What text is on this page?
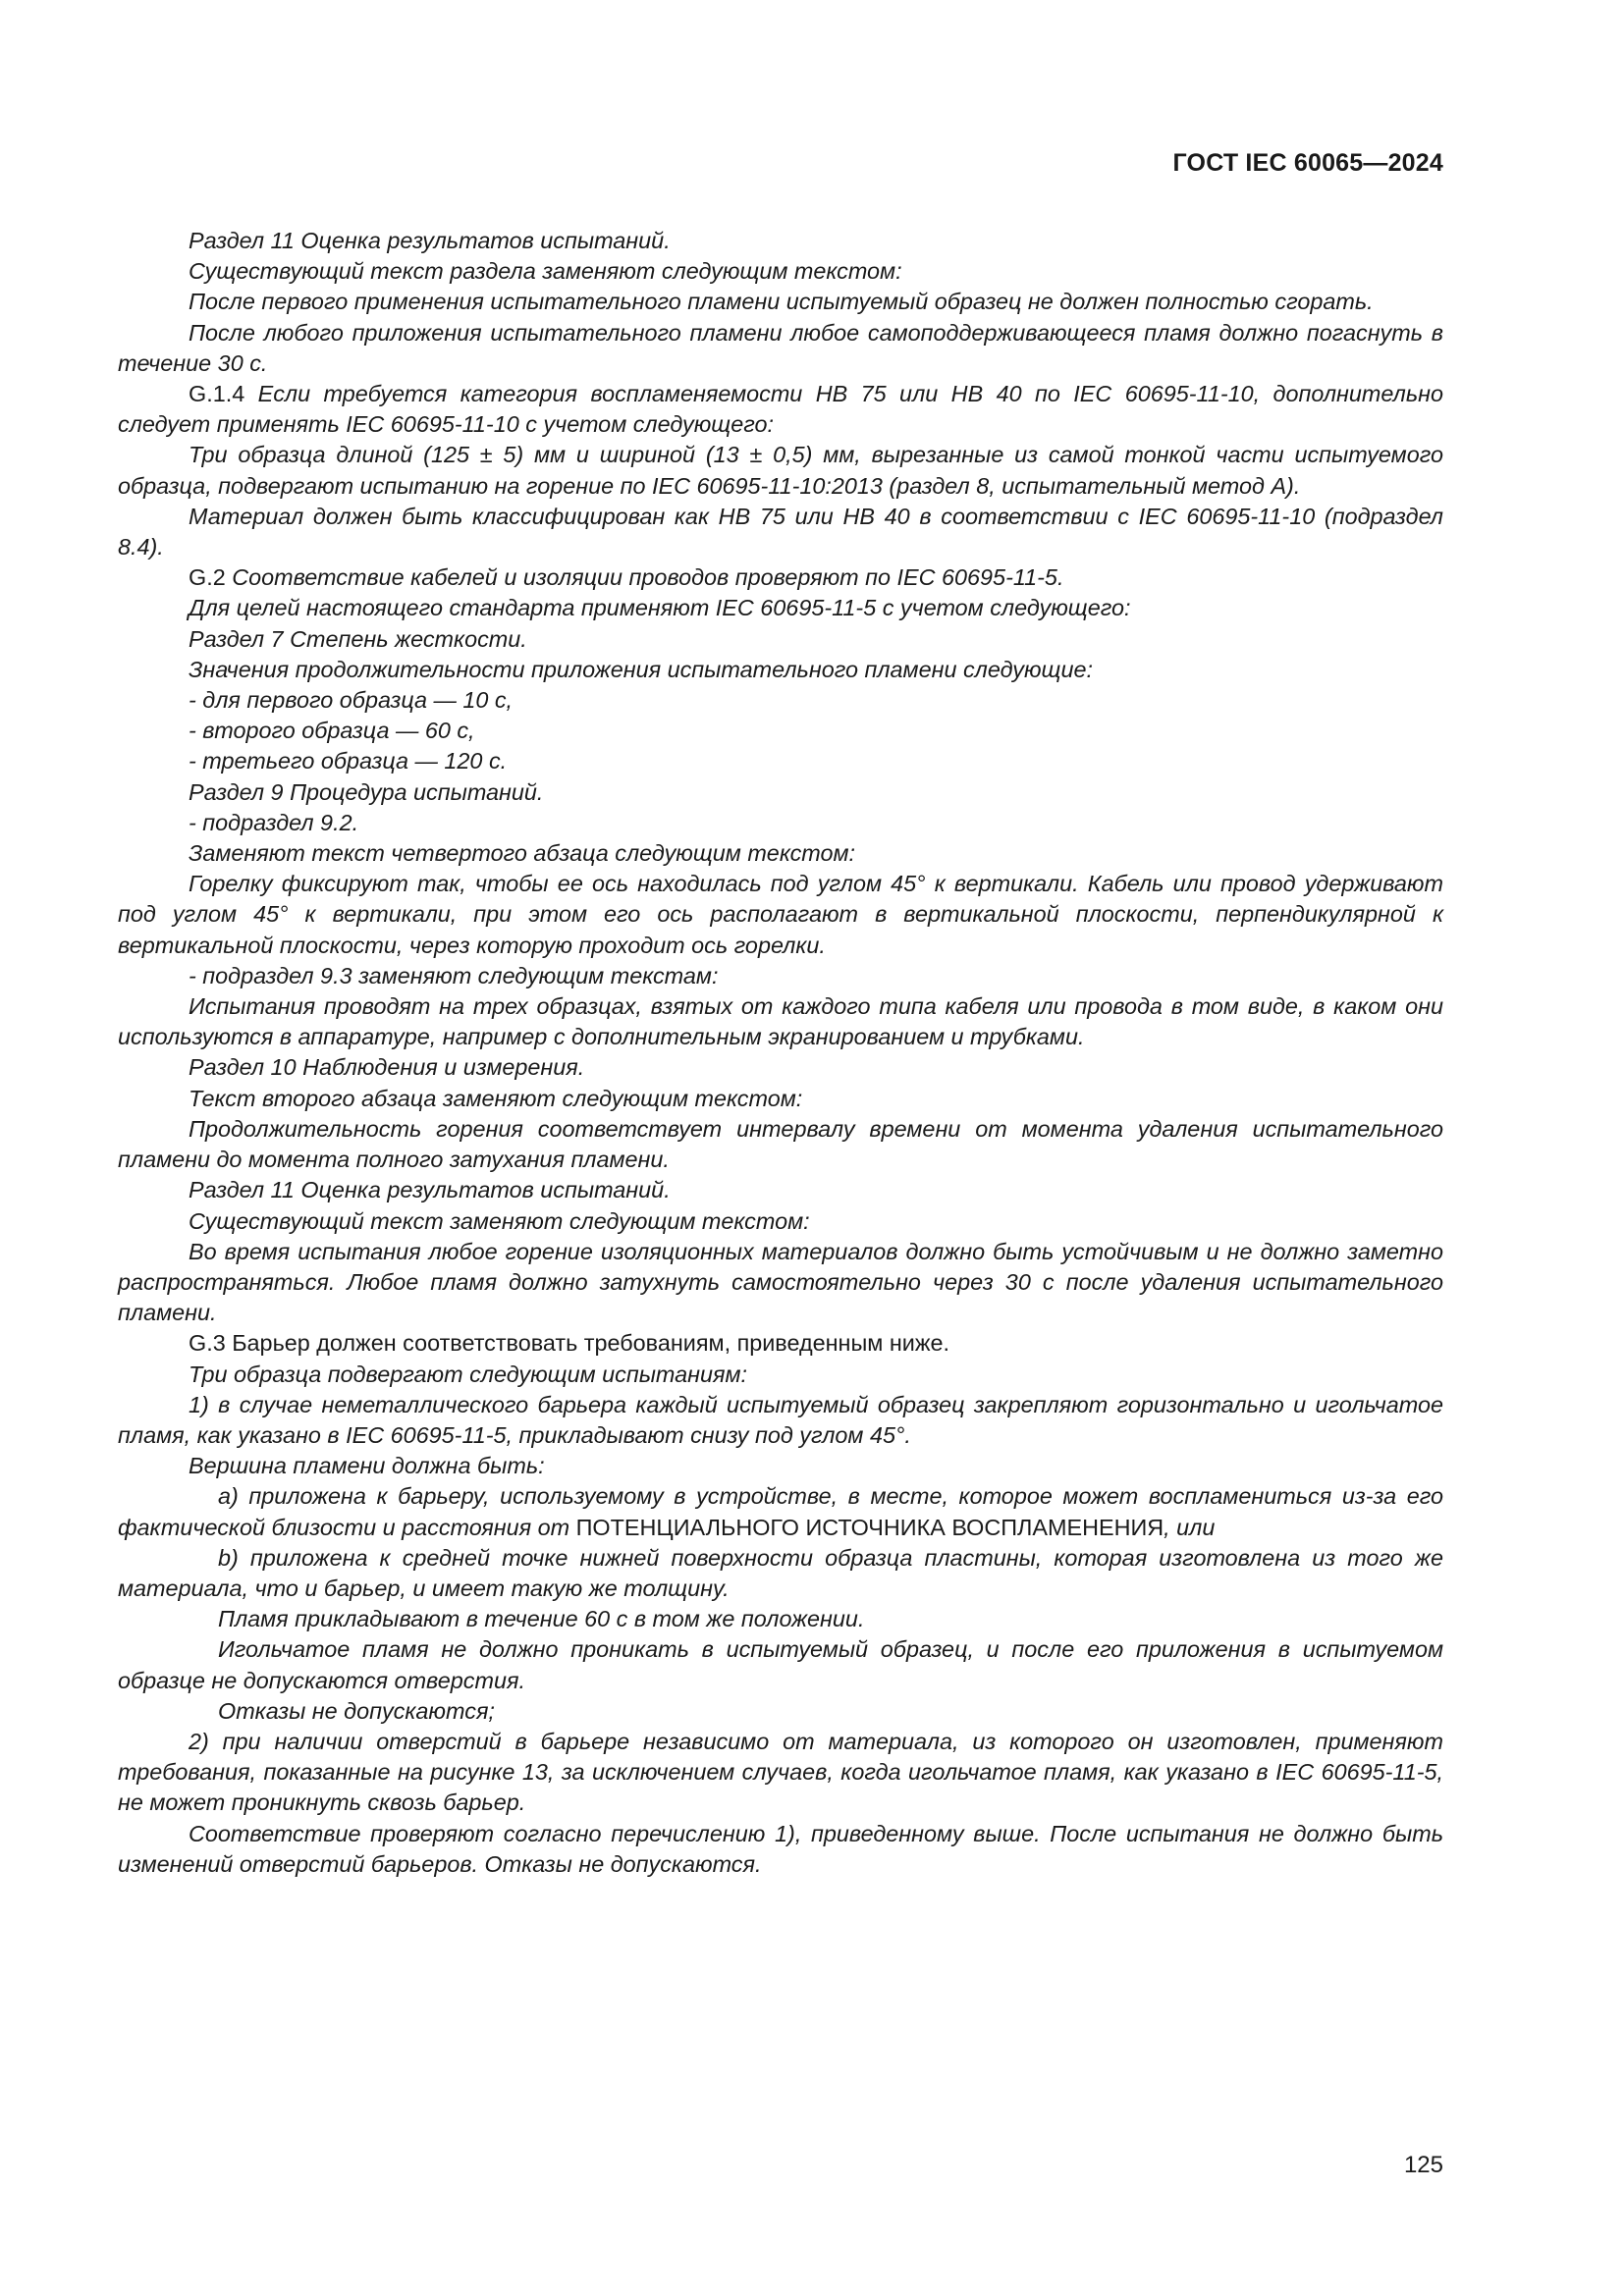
ГОСТ IEC 60065—2024

Раздел 11 Оценка результатов испытаний.

Существующий текст раздела заменяют следующим текстом:

После первого применения испытательного пламени испытуемый образец не должен полностью сгорать.

После любого приложения испытательного пламени любое самоподдерживающееся пламя должно погаснуть в течение 30 с.

G.1.4 Если требуется категория воспламеняемости НВ 75 или НВ 40 по IEC 60695-11-10, дополнительно следует применять IEC 60695-11-10 с учетом следующего:

Три образца длиной (125 ± 5) мм и шириной (13 ± 0,5) мм, вырезанные из самой тонкой части испытуемого образца, подвергают испытанию на горение по IEC 60695-11-10:2013 (раздел 8, испытательный метод А).

Материал должен быть классифицирован как НВ 75 или НВ 40 в соответствии с IEC 60695-11-10 (подраздел 8.4).

G.2 Соответствие кабелей и изоляции проводов проверяют по IEC 60695-11-5.

Для целей настоящего стандарта применяют IEC 60695-11-5 с учетом следующего:

Раздел 7 Степень жесткости.

Значения продолжительности приложения испытательного пламени следующие:

- для первого образца — 10 с,

- второго образца — 60 с,

- третьего образца — 120 с.

Раздел 9 Процедура испытаний.

- подраздел 9.2.

Заменяют текст четвертого абзаца следующим текстом:

Горелку фиксируют так, чтобы ее ось находилась под углом 45° к вертикали. Кабель или провод удерживают под углом 45° к вертикали, при этом его ось располагают в вертикальной плоскости, перпендикулярной к вертикальной плоскости, через которую проходит ось горелки.

- подраздел 9.3 заменяют следующим текстам:

Испытания проводят на трех образцах, взятых от каждого типа кабеля или провода в том виде, в каком они используются в аппаратуре, например с дополнительным экранированием и трубками.

Раздел 10 Наблюдения и измерения.

Текст второго абзаца заменяют следующим текстом:

Продолжительность горения соответствует интервалу времени от момента удаления испытательного пламени до момента полного затухания пламени.

Раздел 11 Оценка результатов испытаний.

Существующий текст заменяют следующим текстом:

Во время испытания любое горение изоляционных материалов должно быть устойчивым и не должно заметно распространяться. Любое пламя должно затухнуть самостоятельно через 30 с после удаления испытательного пламени.

G.3 Барьер должен соответствовать требованиям, приведенным ниже.

Три образца подвергают следующим испытаниям:

1) в случае неметаллического барьера каждый испытуемый образец закрепляют горизонтально и игольчатое пламя, как указано в IEC 60695-11-5, прикладывают снизу под углом 45°.

Вершина пламени должна быть:

a) приложена к барьеру, используемому в устройстве, в месте, которое может воспламениться из-за его фактической близости и расстояния от ПОТЕНЦИАЛЬНОГО ИСТОЧНИКА ВОСПЛАМЕНЕНИЯ, или

b) приложена к средней точке нижней поверхности образца пластины, которая изготовлена из того же материала, что и барьер, и имеет такую же толщину.

Пламя прикладывают в течение 60 с в том же положении.

Игольчатое пламя не должно проникать в испытуемый образец, и после его приложения в испытуемом образце не допускаются отверстия.

Отказы не допускаются;

2) при наличии отверстий в барьере независимо от материала, из которого он изготовлен, применяют требования, показанные на рисунке 13, за исключением случаев, когда игольчатое пламя, как указано в IEC 60695-11-5, не может проникнуть сквозь барьер.

Соответствие проверяют согласно перечислению 1), приведенному выше. После испытания не должно быть изменений отверстий барьеров. Отказы не допускаются.

125
